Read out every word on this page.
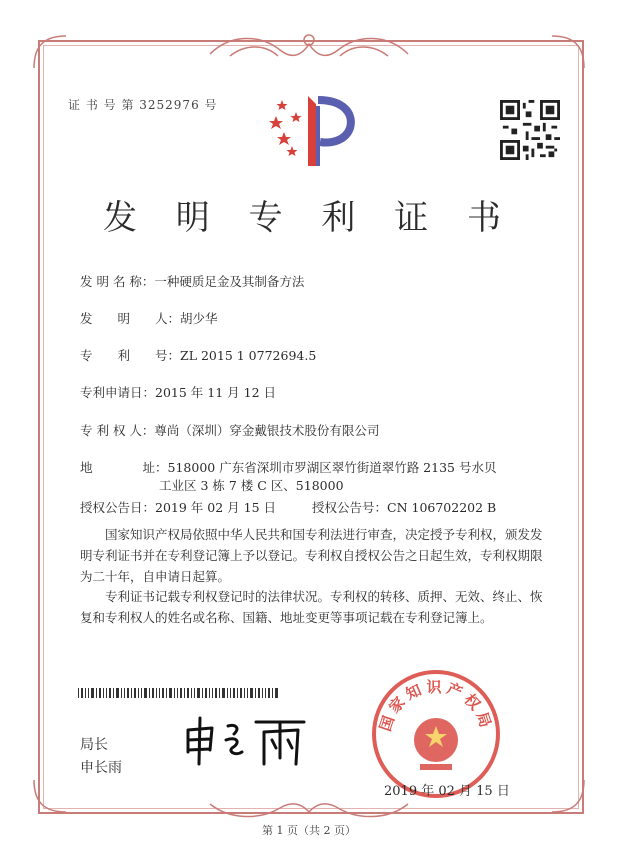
证 书 号 第 3252976 号
发 明 专 利 证 书
发 明 名 称：一种硬质足金及其制备方法
发　　明　　人：胡少华
专　　利　　号：ZL 2015 1 0772694.5
专利申请日：2015 年 11 月 12 日
专 利 权 人：尊尚（深圳）穿金戴银技术股份有限公司
地　　　　址：518000 广东省深圳市罗湖区翠竹街道翠竹路 2135 号水贝
工业区 3 栋 7 楼 C 区、518000
授权公告日：2019 年 02 月 15 日	授权公告号：CN 106702202 B

国家知识产权局依照中华人民共和国专利法进行审查，决定授予专利权，颁发发明专利证书并在专利登记簿上予以登记。专利权自授权公告之日起生效，专利权期限为二十年，自申请日起算。

专利证书记载专利权登记时的法律状况。专利权的转移、质押、无效、终止、恢复和专利权人的姓名或名称、国籍、地址变更等事项记载在专利登记簿上。

局长
申长雨
国家知识产权局
2019 年 02 月 15 日
第 1 页（共 2 页）
